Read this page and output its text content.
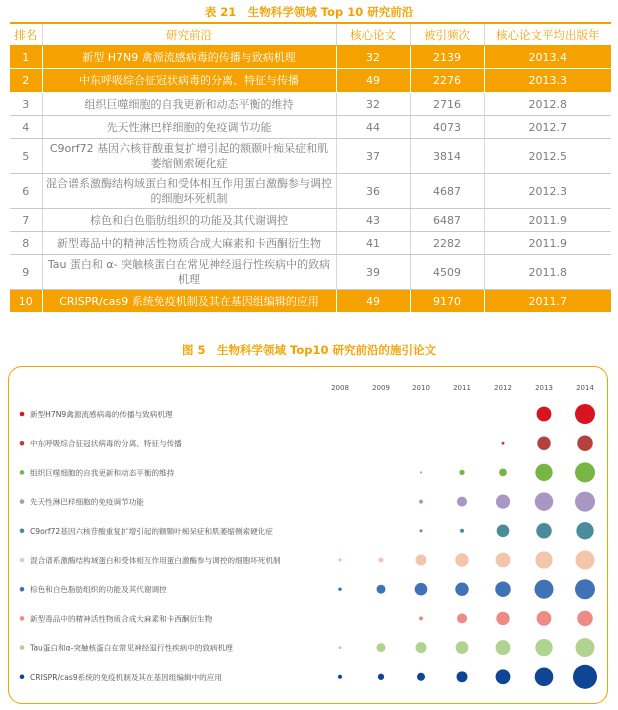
表 21　生物科学领域 Top 10 研究前沿
排名	研究前沿	核心论文	被引频次	核心论文平均出版年
1	新型 H7N9 禽源流感病毒的传播与致病机理	32	2139	2013.4
2	中东呼吸综合征冠状病毒的分离、特征与传播	49	2276	2013.3
3	组织巨噬细胞的自我更新和动态平衡的维持	32	2716	2012.8
4	先天性淋巴样细胞的免疫调节功能	44	4073	2012.7
5	C9orf72 基因六核苷酸重复扩增引起的额颞叶痴呆症和肌萎缩侧索硬化症	37	3814	2012.5
6	混合谱系激酶结构域蛋白和受体相互作用蛋白激酶参与调控的细胞坏死机制	36	4687	2012.3
7	棕色和白色脂肪组织的功能及其代谢调控	43	6487	2011.9
8	新型毒品中的精神活性物质合成大麻素和卡西酮衍生物	41	2282	2011.9
9	Tau 蛋白和 α- 突触核蛋白在常见神经退行性疾病中的致病机理	39	4509	2011.8
10	CRISPR/cas9 系统免疫机制及其在基因组编辑的应用	49	9170	2011.7
图 5　生物科学领域 Top10 研究前沿的施引论文
2008	2009	2010	2011	2012	2013	2014
新型H7N9禽源流感病毒的传播与致病机理
中东呼吸综合征冠状病毒的分离、特征与传播
组织巨噬细胞的自我更新和动态平衡的维持
先天性淋巴样细胞的免疫调节功能
C9orf72基因六核苷酸重复扩增引起的额颞叶痴呆症和肌萎缩侧索硬化症
混合谱系激酶结构域蛋白和受体相互作用蛋白激酶参与调控的细胞坏死机制
棕色和白色脂肪组织的功能及其代谢调控
新型毒品中的精神活性物质合成大麻素和卡西酮衍生物
Tau蛋白和α-突触核蛋白在常见神经退行性疾病中的致病机理
CRISPR/cas9系统的免疫机制及其在基因组编辑中的应用
